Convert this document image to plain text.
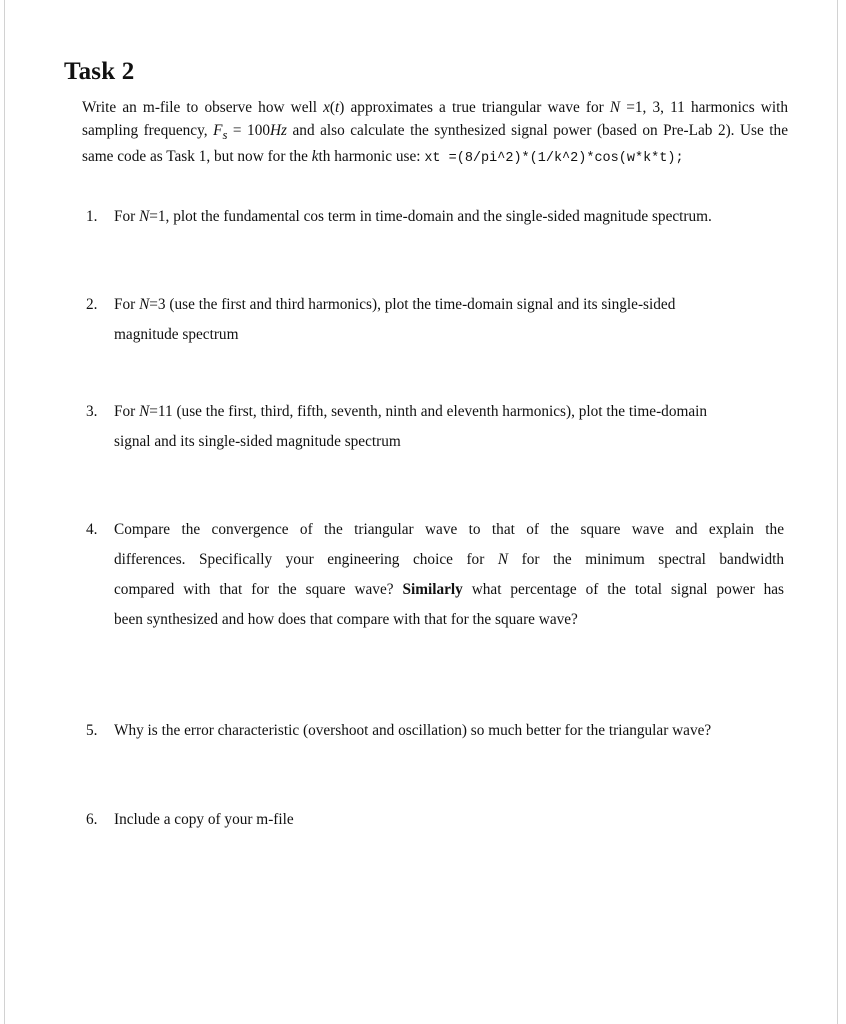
Task 2
Write an m-file to observe how well x(t) approximates a true triangular wave for N =1, 3, 11 harmonics with
sampling frequency, $F_s = 100Hz$ and also calculate the synthesized signal power (based on Pre-Lab 2). Use the
same code as Task 1, but now for the kth harmonic use: xt =(8/pi^2)*(1/k^2)*cos(w*k*t);
1. For N=1, plot the fundamental cos term in time-domain and the single-sided magnitude spectrum.
2. For N=3 (use the first and third harmonics), plot the time-domain signal and its single-sided
magnitude spectrum
3. For N=11 (use the first, third, fifth, seventh, ninth and eleventh harmonics), plot the time-domain
signal and its single-sided magnitude spectrum
4. Compare the convergence of the triangular wave to that of the square wave and explain the
differences. Specifically your engineering choice for N for the minimum spectral bandwidth
compared with that for the square wave? Similarly what percentage of the total signal power has
been synthesized and how does that compare with that for the square wave?
5. Why is the error characteristic (overshoot and oscillation) so much better for the triangular wave?
6. Include a copy of your m-file
